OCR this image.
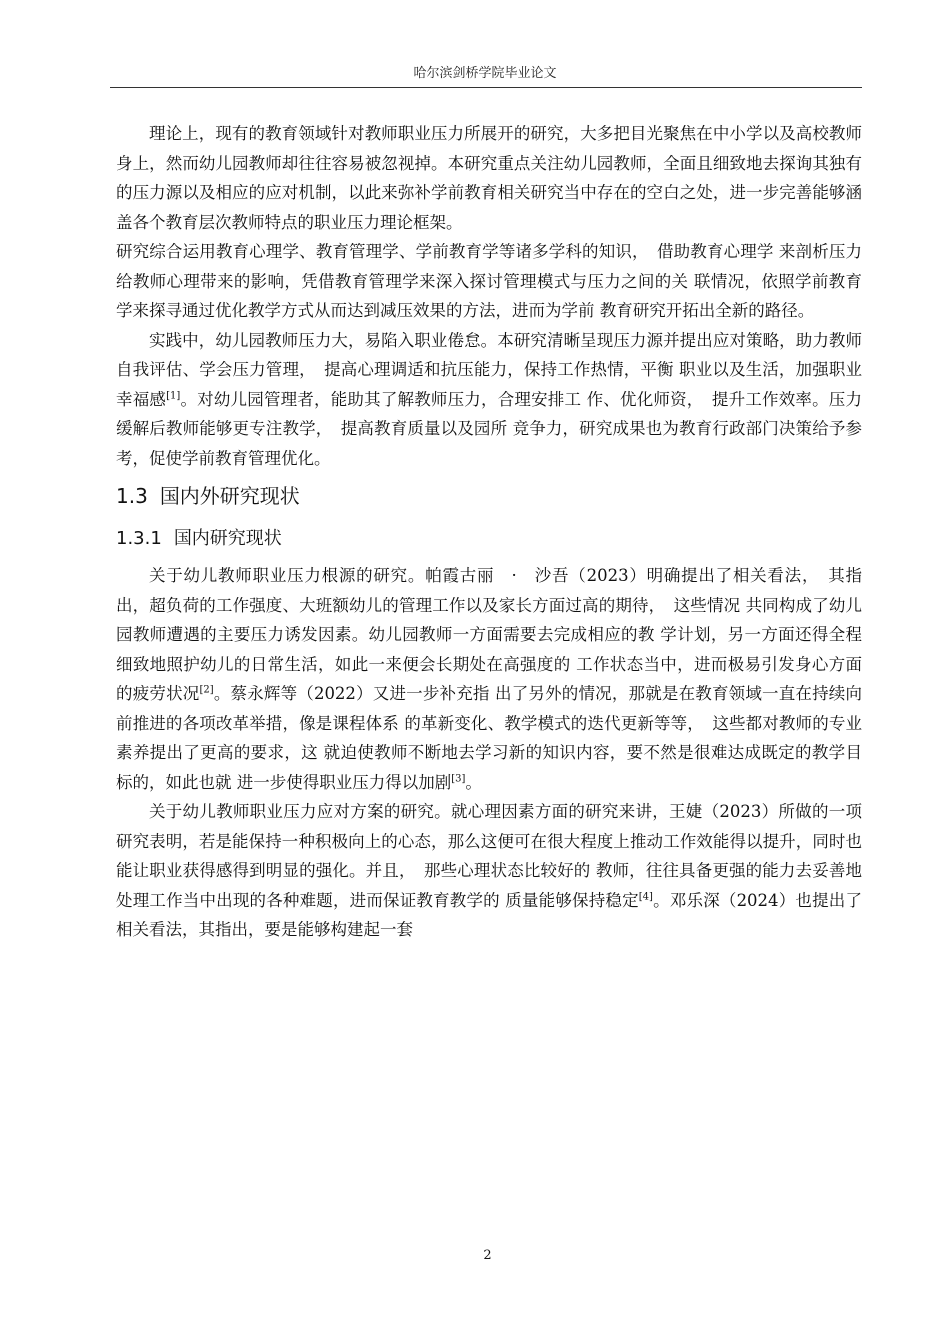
哈尔滨剑桥学院毕业论文

理论上，现有的教育领域针对教师职业压力所展开的研究，大多把目光聚焦在中小学以及高校教师身上，然而幼儿园教师却往往容易被忽视掉。本研究重点关注幼儿园教师，全面且细致地去探询其独有的压力源以及相应的应对机制，以此来弥补学前教育相关研究当中存在的空白之处，进一步完善能够涵盖各个教育层次教师特点的职业压力理论框架。

研究综合运用教育心理学、教育管理学、学前教育学等诸多学科的知识，　借助教育心理学 来剖析压力给教师心理带来的影响，凭借教育管理学来深入探讨管理模式与压力之间的关 联情况，依照学前教育学来探寻通过优化教学方式从而达到减压效果的方法，进而为学前 教育研究开拓出全新的路径。

实践中，幼儿园教师压力大，易陷入职业倦怠。本研究清晰呈现压力源并提出应对策略，助力教师自我评估、学会压力管理，　提高心理调适和抗压能力，保持工作热情，平衡 职业以及生活，加强职业幸福感[1]。对幼儿园管理者，能助其了解教师压力，合理安排工 作、优化师资，　提升工作效率。压力缓解后教师能够更专注教学，　提高教育质量以及园所 竞争力，研究成果也为教育行政部门决策给予参考，促使学前教育管理优化。

1.3 国内外研究现状
1.3.1 国内研究现状

关于幼儿教师职业压力根源的研究。帕霞古丽　·　沙吾（2023）明确提出了相关看法，　其指出，超负荷的工作强度、大班额幼儿的管理工作以及家长方面过高的期待，　这些情况 共同构成了幼儿园教师遭遇的主要压力诱发因素。幼儿园教师一方面需要去完成相应的教 学计划，另一方面还得全程细致地照护幼儿的日常生活，如此一来便会长期处在高强度的 工作状态当中，进而极易引发身心方面的疲劳状况[2]。蔡永辉等（2022）又进一步补充指 出了另外的情况，那就是在教育领域一直在持续向前推进的各项改革举措，像是课程体系 的革新变化、教学模式的迭代更新等等，　这些都对教师的专业素养提出了更高的要求，这 就迫使教师不断地去学习新的知识内容，要不然是很难达成既定的教学目标的，如此也就 进一步使得职业压力得以加剧[3]。

关于幼儿教师职业压力应对方案的研究。就心理因素方面的研究来讲，王婕（2023）所做的一项研究表明，若是能保持一种积极向上的心态，那么这便可在很大程度上推动工作效能得以提升，同时也能让职业获得感得到明显的强化。并且，　那些心理状态比较好的 教师，往往具备更强的能力去妥善地处理工作当中出现的各种难题，进而保证教育教学的 质量能够保持稳定[4]。邓乐深（2024）也提出了相关看法，其指出，要是能够构建起一套

2
